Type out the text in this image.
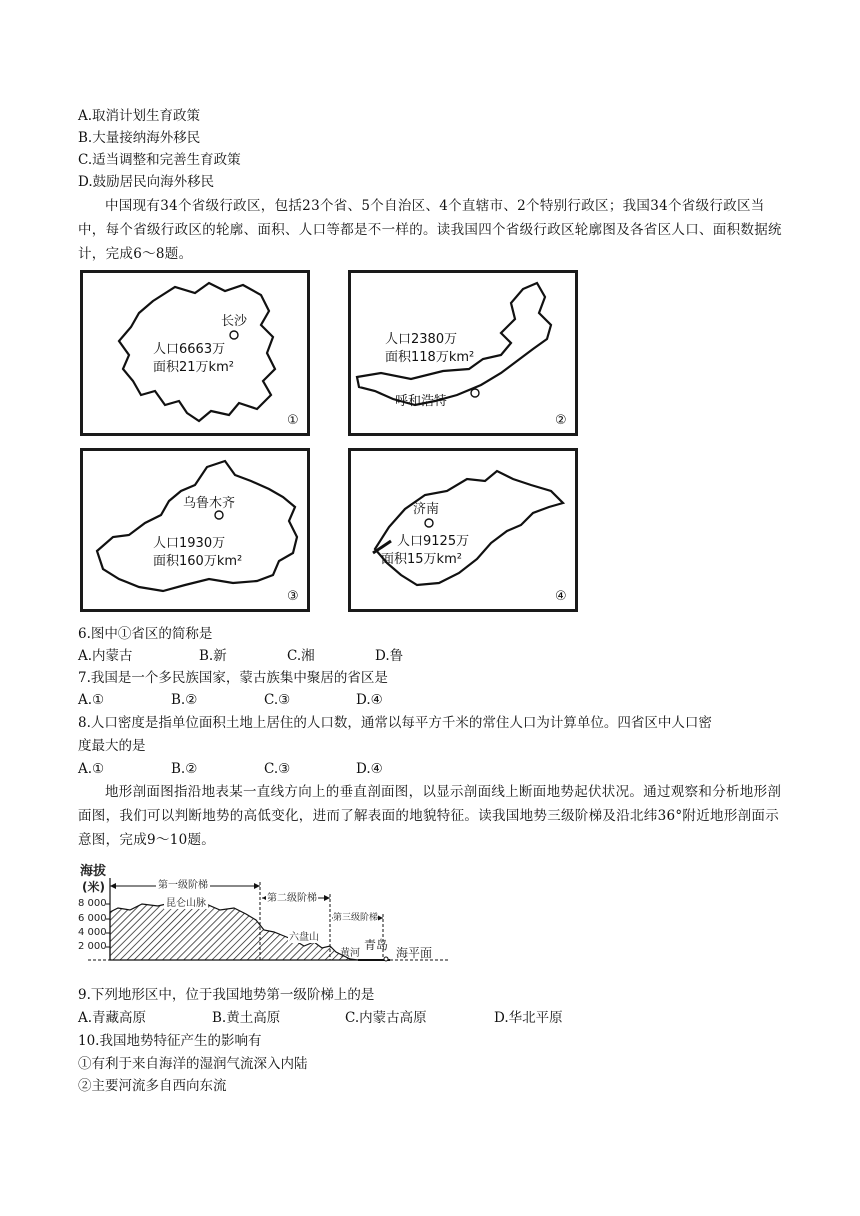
A.取消计划生育政策
B.大量接纳海外移民
C.适当调整和完善生育政策
D.鼓励居民向海外移民
中国现有34个省级行政区，包括23个省、5个自治区、4个直辖市、2个特别行政区；我国34个省级行政区当中，每个省级行政区的轮廓、面积、人口等都是不一样的。读我国四个省级行政区轮廓图及各省区人口、面积数据统计，完成6～8题。
长沙
人口6663万
面积21万km²
①
人口2380万
面积118万km²
呼和浩特
②
乌鲁木齐
人口1930万
面积160万km²
③
济南
人口9125万
面积15万km²
④
6.图中①省区的简称是
A.内蒙古	B.新	C.湘	D.鲁
7.我国是一个多民族国家，蒙古族集中聚居的省区是
A.①	B.②	C.③	D.④
8.人口密度是指单位面积土地上居住的人口数，通常以每平方千米的常住人口为计算单位。四省区中人口密
度最大的是
A.①	B.②	C.③	D.④
地形剖面图指沿地表某一直线方向上的垂直剖面图，以显示剖面线上断面地势起伏状况。通过观察和分析地形剖面图，我们可以判断地势的高低变化，进而了解表面的地貌特征。读我国地势三级阶梯及沿北纬36°附近地形剖面示意图，完成9～10题。
海拔
(米)
8 000
6 000
4 000
2 000
第一级阶梯
第二级阶梯
第三级阶梯
昆仑山脉
六盘山
黄河
青岛
海平面
9.下列地形区中，位于我国地势第一级阶梯上的是
A.青藏高原	B.黄土高原	C.内蒙古高原	D.华北平原
10.我国地势特征产生的影响有
①有利于来自海洋的湿润气流深入内陆
②主要河流多自西向东流
